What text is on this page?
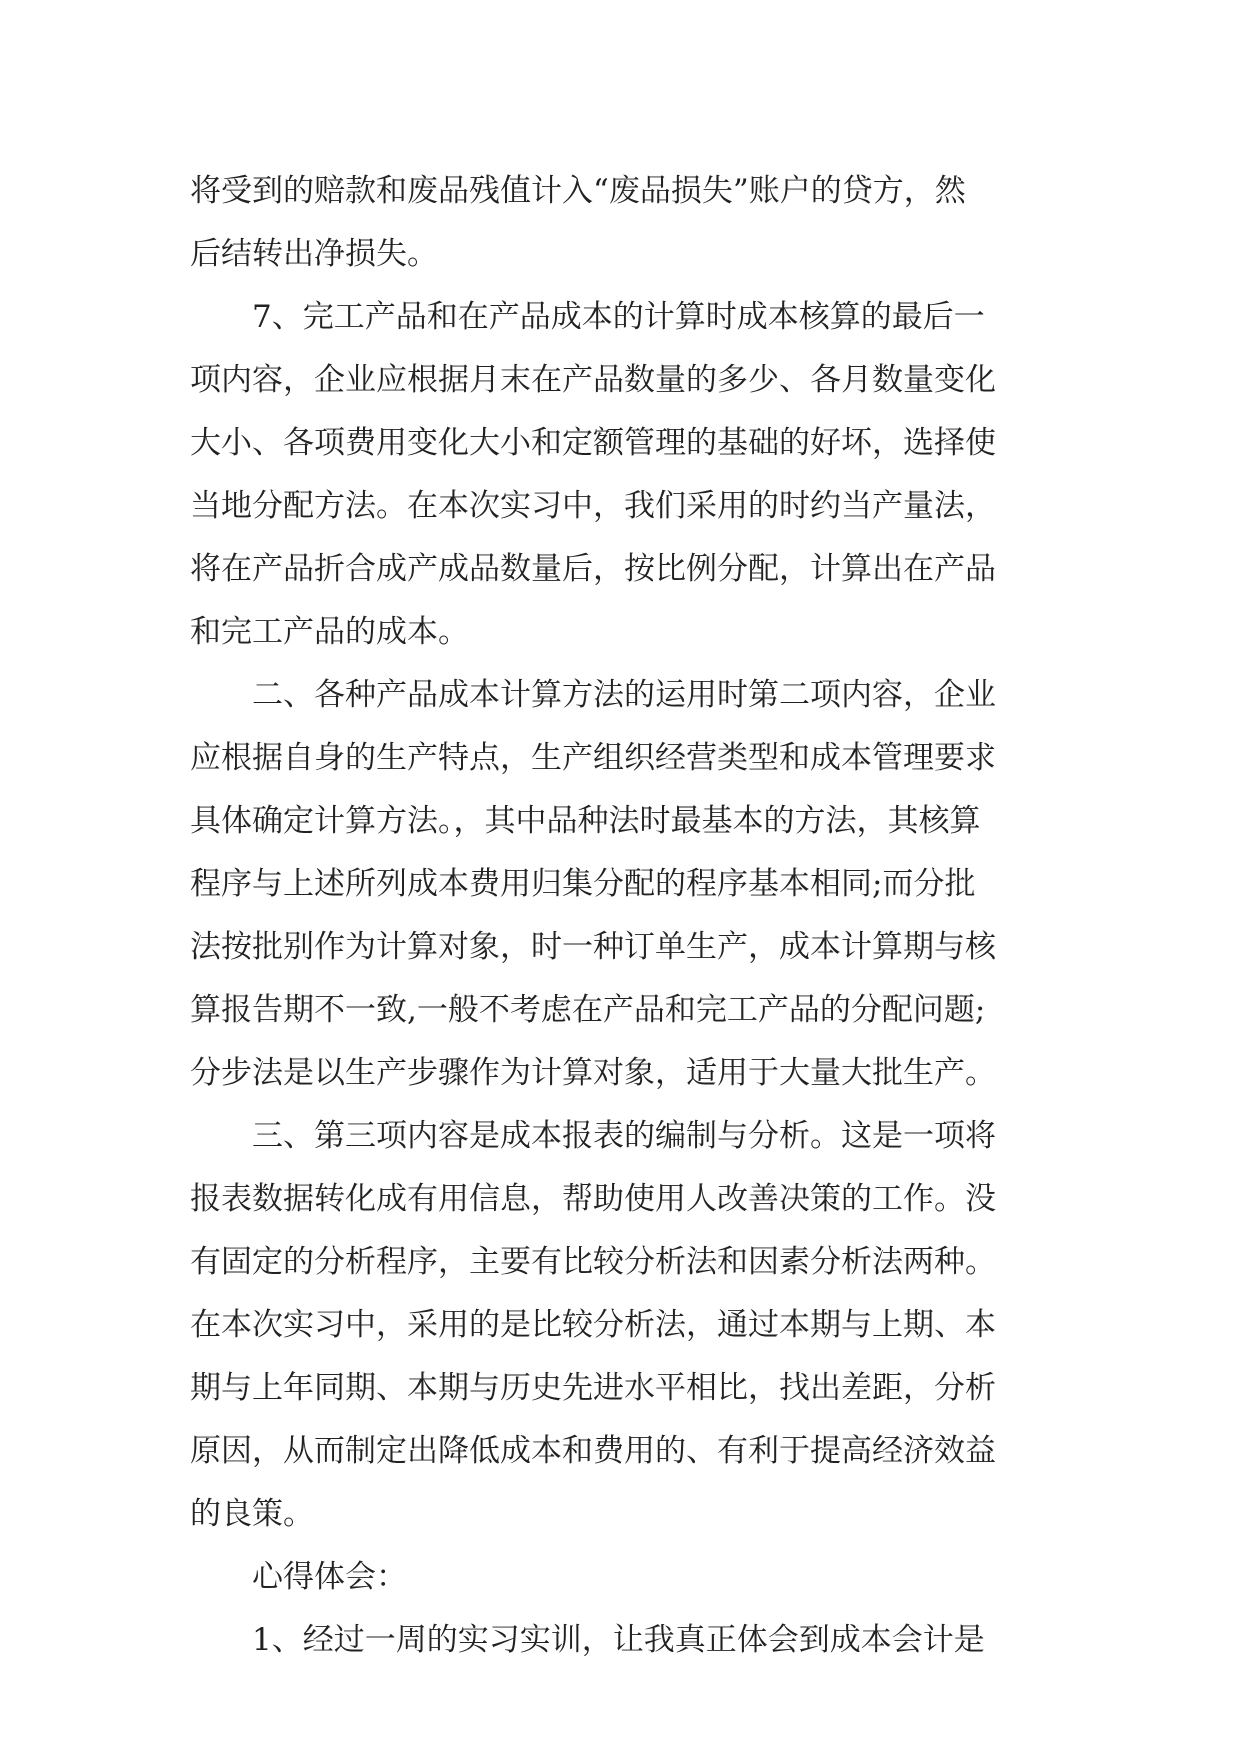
将受到的赔款和废品残值计入“废品损失”账户的贷方，然
后结转出净损失。
　　7、完工产品和在产品成本的计算时成本核算的最后一
项内容，企业应根据月末在产品数量的多少、各月数量变化
大小、各项费用变化大小和定额管理的基础的好坏，选择使
当地分配方法。在本次实习中，我们采用的时约当产量法，
将在产品折合成产成品数量后，按比例分配，计算出在产品
和完工产品的成本。
　　二、各种产品成本计算方法的运用时第二项内容，企业
应根据自身的生产特点，生产组织经营类型和成本管理要求
具体确定计算方法。，其中品种法时最基本的方法，其核算
程序与上述所列成本费用归集分配的程序基本相同;而分批
法按批别作为计算对象，时一种订单生产，成本计算期与核
算报告期不一致,一般不考虑在产品和完工产品的分配问题;
分步法是以生产步骤作为计算对象，适用于大量大批生产。
　　三、第三项内容是成本报表的编制与分析。这是一项将
报表数据转化成有用信息，帮助使用人改善决策的工作。没
有固定的分析程序，主要有比较分析法和因素分析法两种。
在本次实习中，采用的是比较分析法，通过本期与上期、本
期与上年同期、本期与历史先进水平相比，找出差距，分析
原因，从而制定出降低成本和费用的、有利于提高经济效益
的良策。
　　心得体会：
　　1、经过一周的实习实训，让我真正体会到成本会计是
